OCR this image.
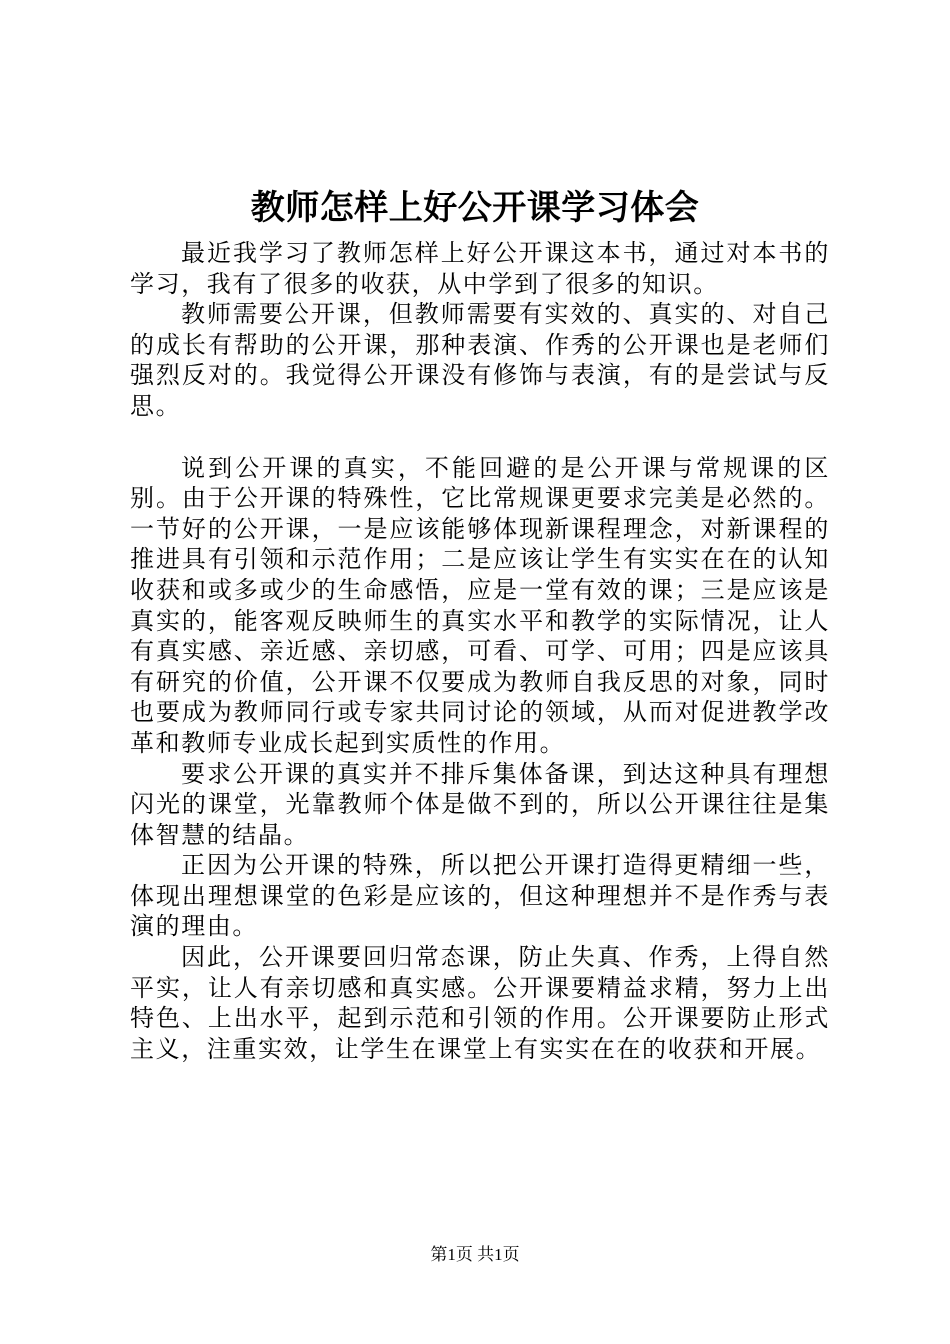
教师怎样上好公开课学习体会

最近我学习了教师怎样上好公开课这本书，通过对本书的学习，我有了很多的收获，从中学到了很多的知识。

教师需要公开课，但教师需要有实效的、真实的、对自己的成长有帮助的公开课，那种表演、作秀的公开课也是老师们强烈反对的。我觉得公开课没有修饰与表演，有的是尝试与反思。

说到公开课的真实，不能回避的是公开课与常规课的区别。由于公开课的特殊性，它比常规课更要求完美是必然的。一节好的公开课，一是应该能够体现新课程理念，对新课程的推进具有引领和示范作用；二是应该让学生有实实在在的认知收获和或多或少的生命感悟，应是一堂有效的课；三是应该是真实的，能客观反映师生的真实水平和教学的实际情况，让人有真实感、亲近感、亲切感，可看、可学、可用；四是应该具有研究的价值，公开课不仅要成为教师自我反思的对象，同时也要成为教师同行或专家共同讨论的领域，从而对促进教学改革和教师专业成长起到实质性的作用。

要求公开课的真实并不排斥集体备课，到达这种具有理想闪光的课堂，光靠教师个体是做不到的，所以公开课往往是集体智慧的结晶。

正因为公开课的特殊，所以把公开课打造得更精细一些，体现出理想课堂的色彩是应该的，但这种理想并不是作秀与表演的理由。

因此，公开课要回归常态课，防止失真、作秀，上得自然平实，让人有亲切感和真实感。公开课要精益求精，努力上出特色、上出水平，起到示范和引领的作用。公开课要防止形式主义，注重实效，让学生在课堂上有实实在在的收获和开展。

第1页 共1页
